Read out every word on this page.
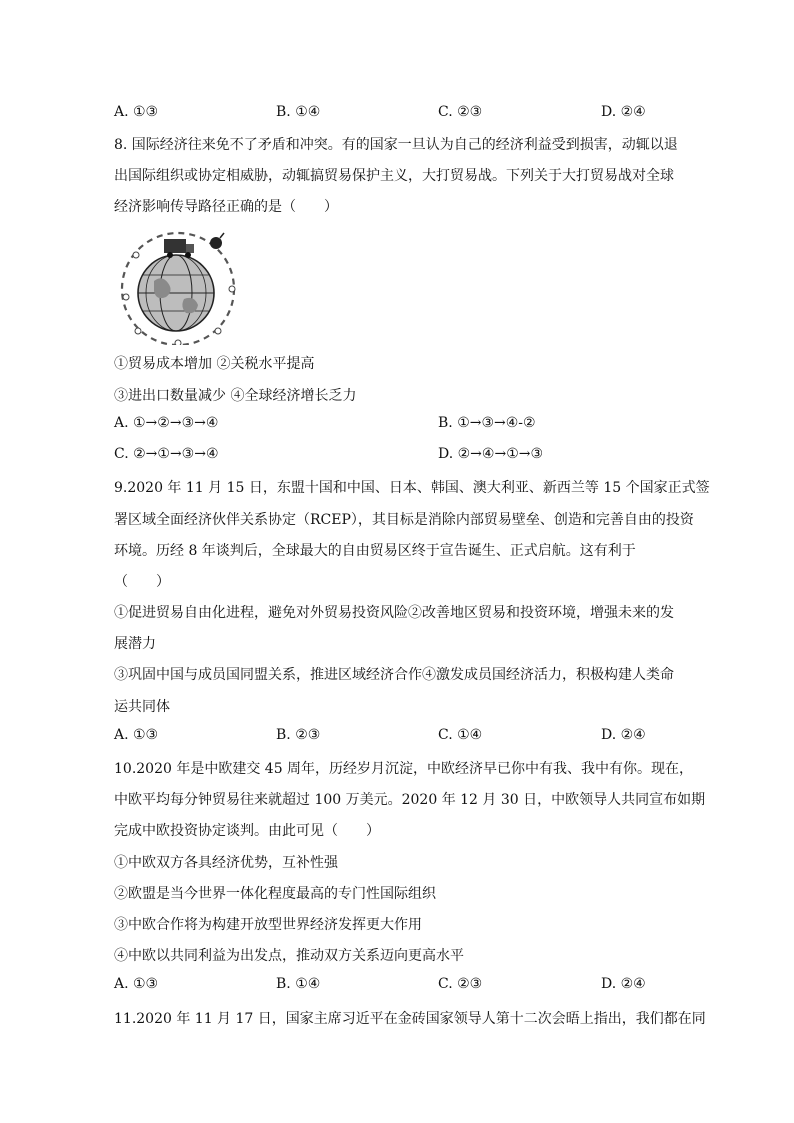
A. ①③	B. ①④	C. ②③	D. ②④
8. 国际经济往来免不了矛盾和冲突。有的国家一旦认为自己的经济利益受到损害，动辄以退
出国际组织或协定相威胁，动辄搞贸易保护主义，大打贸易战。下列关于大打贸易战对全球
经济影响传导路径正确的是（　　）
①贸易成本增加 ②关税水平提高
③进出口数量减少 ④全球经济增长乏力
A. ①→②→③→④	B. ①→③→④-②
C. ②→①→③→④	D. ②→④→①→③
9.2020 年 11 月 15 日，东盟十国和中国、日本、韩国、澳大利亚、新西兰等 15 个国家正式签
署区域全面经济伙伴关系协定（RCEP），其目标是消除内部贸易壁垒、创造和完善自由的投资
环境。历经 8 年谈判后，全球最大的自由贸易区终于宣告诞生、正式启航。这有利于
（　　）
①促进贸易自由化进程，避免对外贸易投资风险②改善地区贸易和投资环境，增强未来的发
展潜力
③巩固中国与成员国同盟关系，推进区域经济合作④激发成员国经济活力，积极构建人类命
运共同体
A. ①③	B. ②③	C. ①④	D. ②④
10.2020 年是中欧建交 45 周年，历经岁月沉淀，中欧经济早已你中有我、我中有你。现在，
中欧平均每分钟贸易往来就超过 100 万美元。2020 年 12 月 30 日，中欧领导人共同宣布如期
完成中欧投资协定谈判。由此可见（　　）
①中欧双方各具经济优势，互补性强
②欧盟是当今世界一体化程度最高的专门性国际组织
③中欧合作将为构建开放型世界经济发挥更大作用
④中欧以共同利益为出发点，推动双方关系迈向更高水平
A. ①③	B. ①④	C. ②③	D. ②④
11.2020 年 11 月 17 日，国家主席习近平在金砖国家领导人第十二次会晤上指出，我们都在同
